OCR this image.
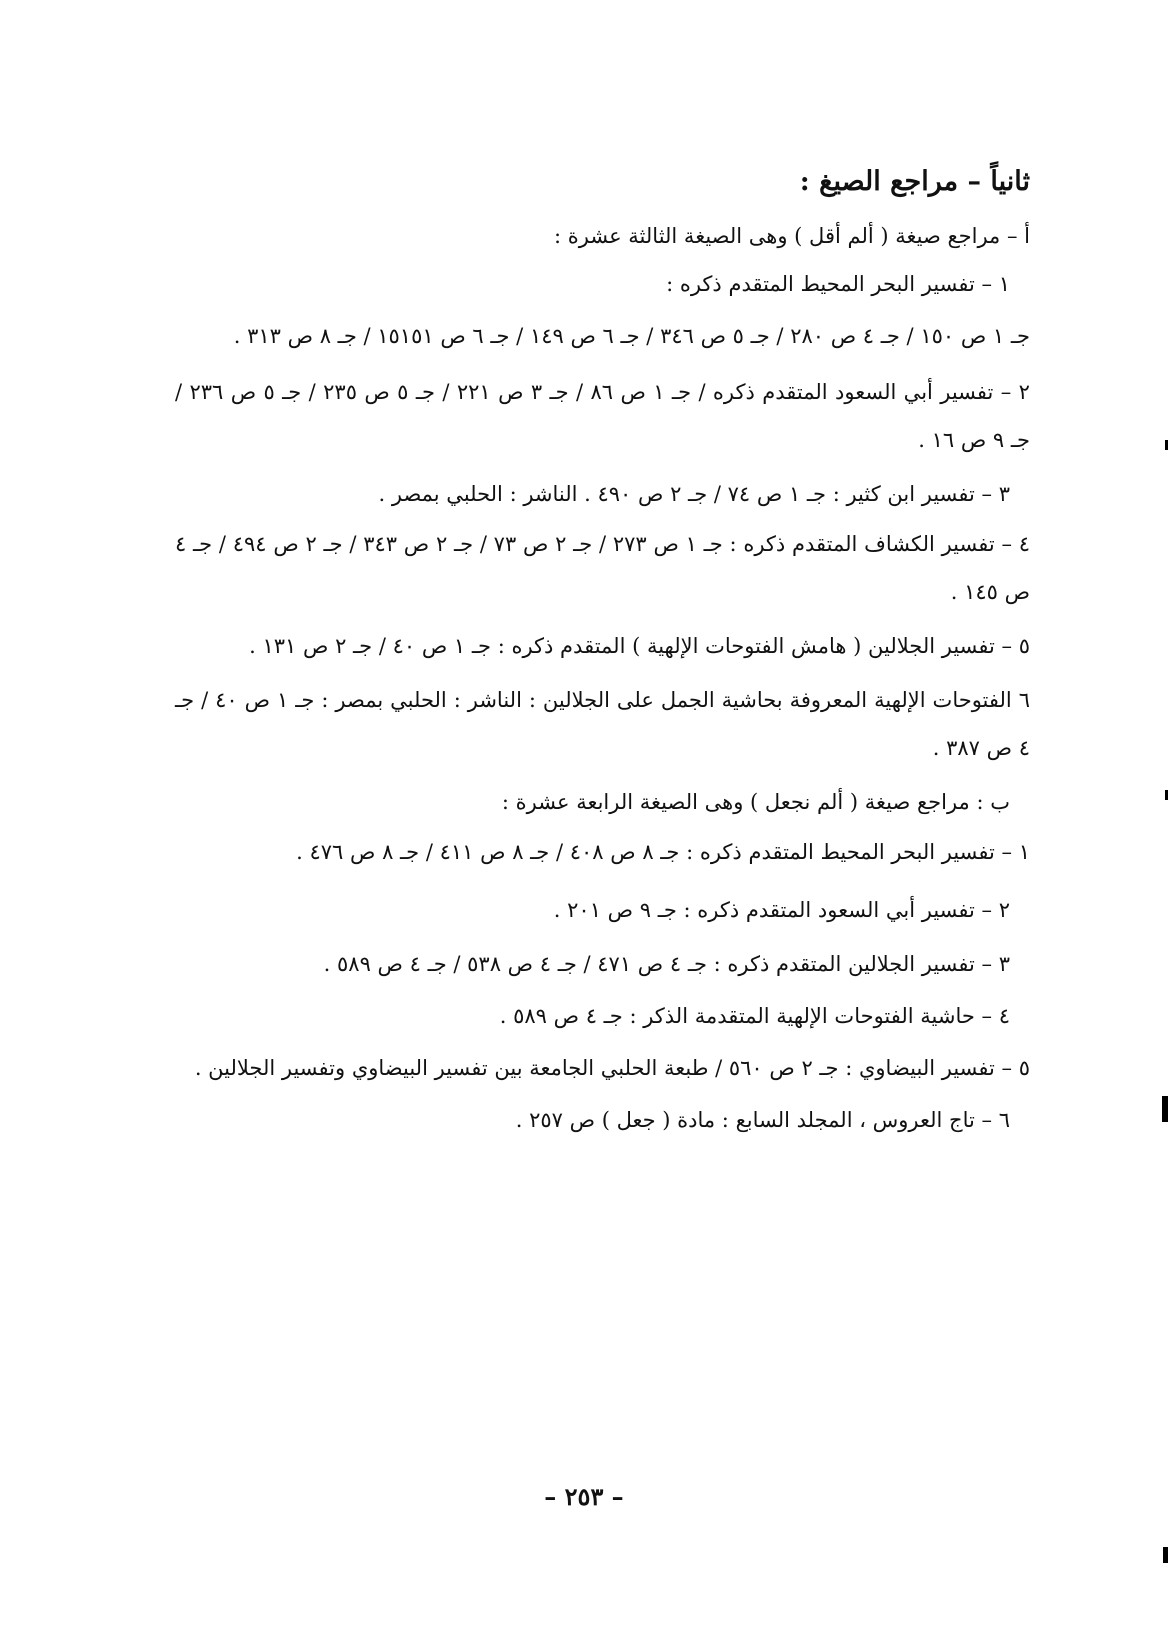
ثانياً – مراجع الصيغ :
أ – مراجع صيغة ( ألم أقل ) وهى الصيغة الثالثة عشرة :
١ – تفسير البحر المحيط المتقدم ذكره :
جـ ١ ص ١٥٠ / جـ ٤ ص ٢٨٠ / جـ ٥ ص ٣٤٦ / جـ ٦ ص ١٤٩ / جـ ٦ ص ١٥١٥١ / جـ ٨ ص ٣١٣ .
٢ – تفسير أبي السعود المتقدم ذكره / جـ ١ ص ٨٦ / جـ ٣ ص ٢٢١ / جـ ٥ ص ٢٣٥ / جـ ٥ ص ٢٣٦ / جـ ٩ ص ١٦ .
٣ – تفسير ابن كثير : جـ ١ ص ٧٤ / جـ ٢ ص ٤٩٠ . الناشر : الحلبي بمصر .
٤ – تفسير الكشاف المتقدم ذكره : جـ ١ ص ٢٧٣ / جـ ٢ ص ٧٣ / جـ ٢ ص ٣٤٣ / جـ ٢ ص ٤٩٤ / جـ ٤ ص ١٤٥ .
٥ – تفسير الجلالين ( هامش الفتوحات الإلهية ) المتقدم ذكره : جـ ١ ص ٤٠ / جـ ٢ ص ١٣١ .
٦ الفتوحات الإلهية المعروفة بحاشية الجمل على الجلالين : الناشر : الحلبي بمصر : جـ ١ ص ٤٠ / جـ ٤ ص ٣٨٧ .
ب : مراجع صيغة ( ألم نجعل ) وهى الصيغة الرابعة عشرة :
١ – تفسير البحر المحيط المتقدم ذكره : جـ ٨ ص ٤٠٨ / جـ ٨ ص ٤١١ / جـ ٨ ص ٤٧٦ .
٢ – تفسير أبي السعود المتقدم ذكره : جـ ٩ ص ٢٠١ .
٣ – تفسير الجلالين المتقدم ذكره : جـ ٤ ص ٤٧١ / جـ ٤ ص ٥٣٨ / جـ ٤ ص ٥٨٩ .
٤ – حاشية الفتوحات الإلهية المتقدمة الذكر : جـ ٤ ص ٥٨٩ .
٥ – تفسير البيضاوي : جـ ٢ ص ٥٦٠ / طبعة الحلبي الجامعة بين تفسير البيضاوي وتفسير الجلالين .
٦ – تاج العروس ، المجلد السابع : مادة ( جعل ) ص ٢٥٧ .
– ٢٥٣ –
